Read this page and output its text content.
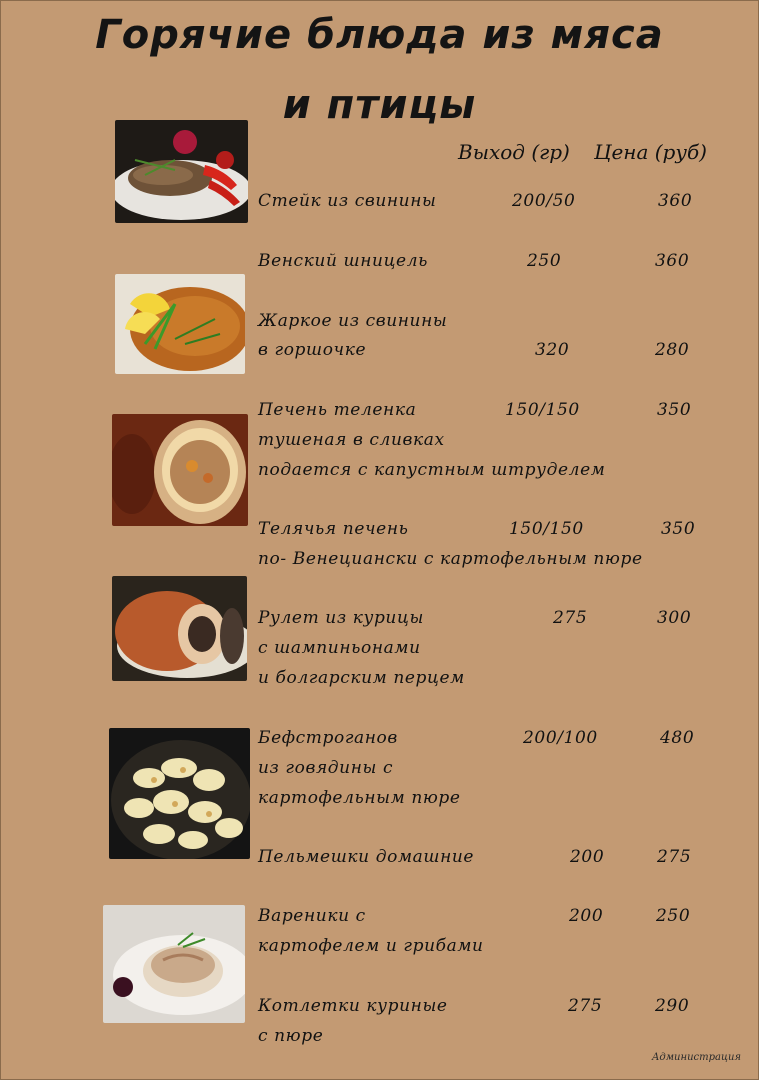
Горячие блюда из мяса
и птицы
Выход (гр) Цена (руб)
Стейк из свинины	200/50	360
Венский шницель	250	360
Жаркое из свинины
в горшочке	320	280
Печень теленка	150/150	350
тушеная в сливках
подается с капустным штруделем
Телячья печень	150/150	350
по- Венециански с картофельным пюре
Рулет из курицы	275	300
с шампиньонами
и болгарским перцем
Бефстроганов	200/100	480
из говядины с
картофельным пюре
Пельмешки домашние	200	275
Вареники с	200	250
картофелем и грибами
Котлетки куриные	275	290
с пюре
Администрация
